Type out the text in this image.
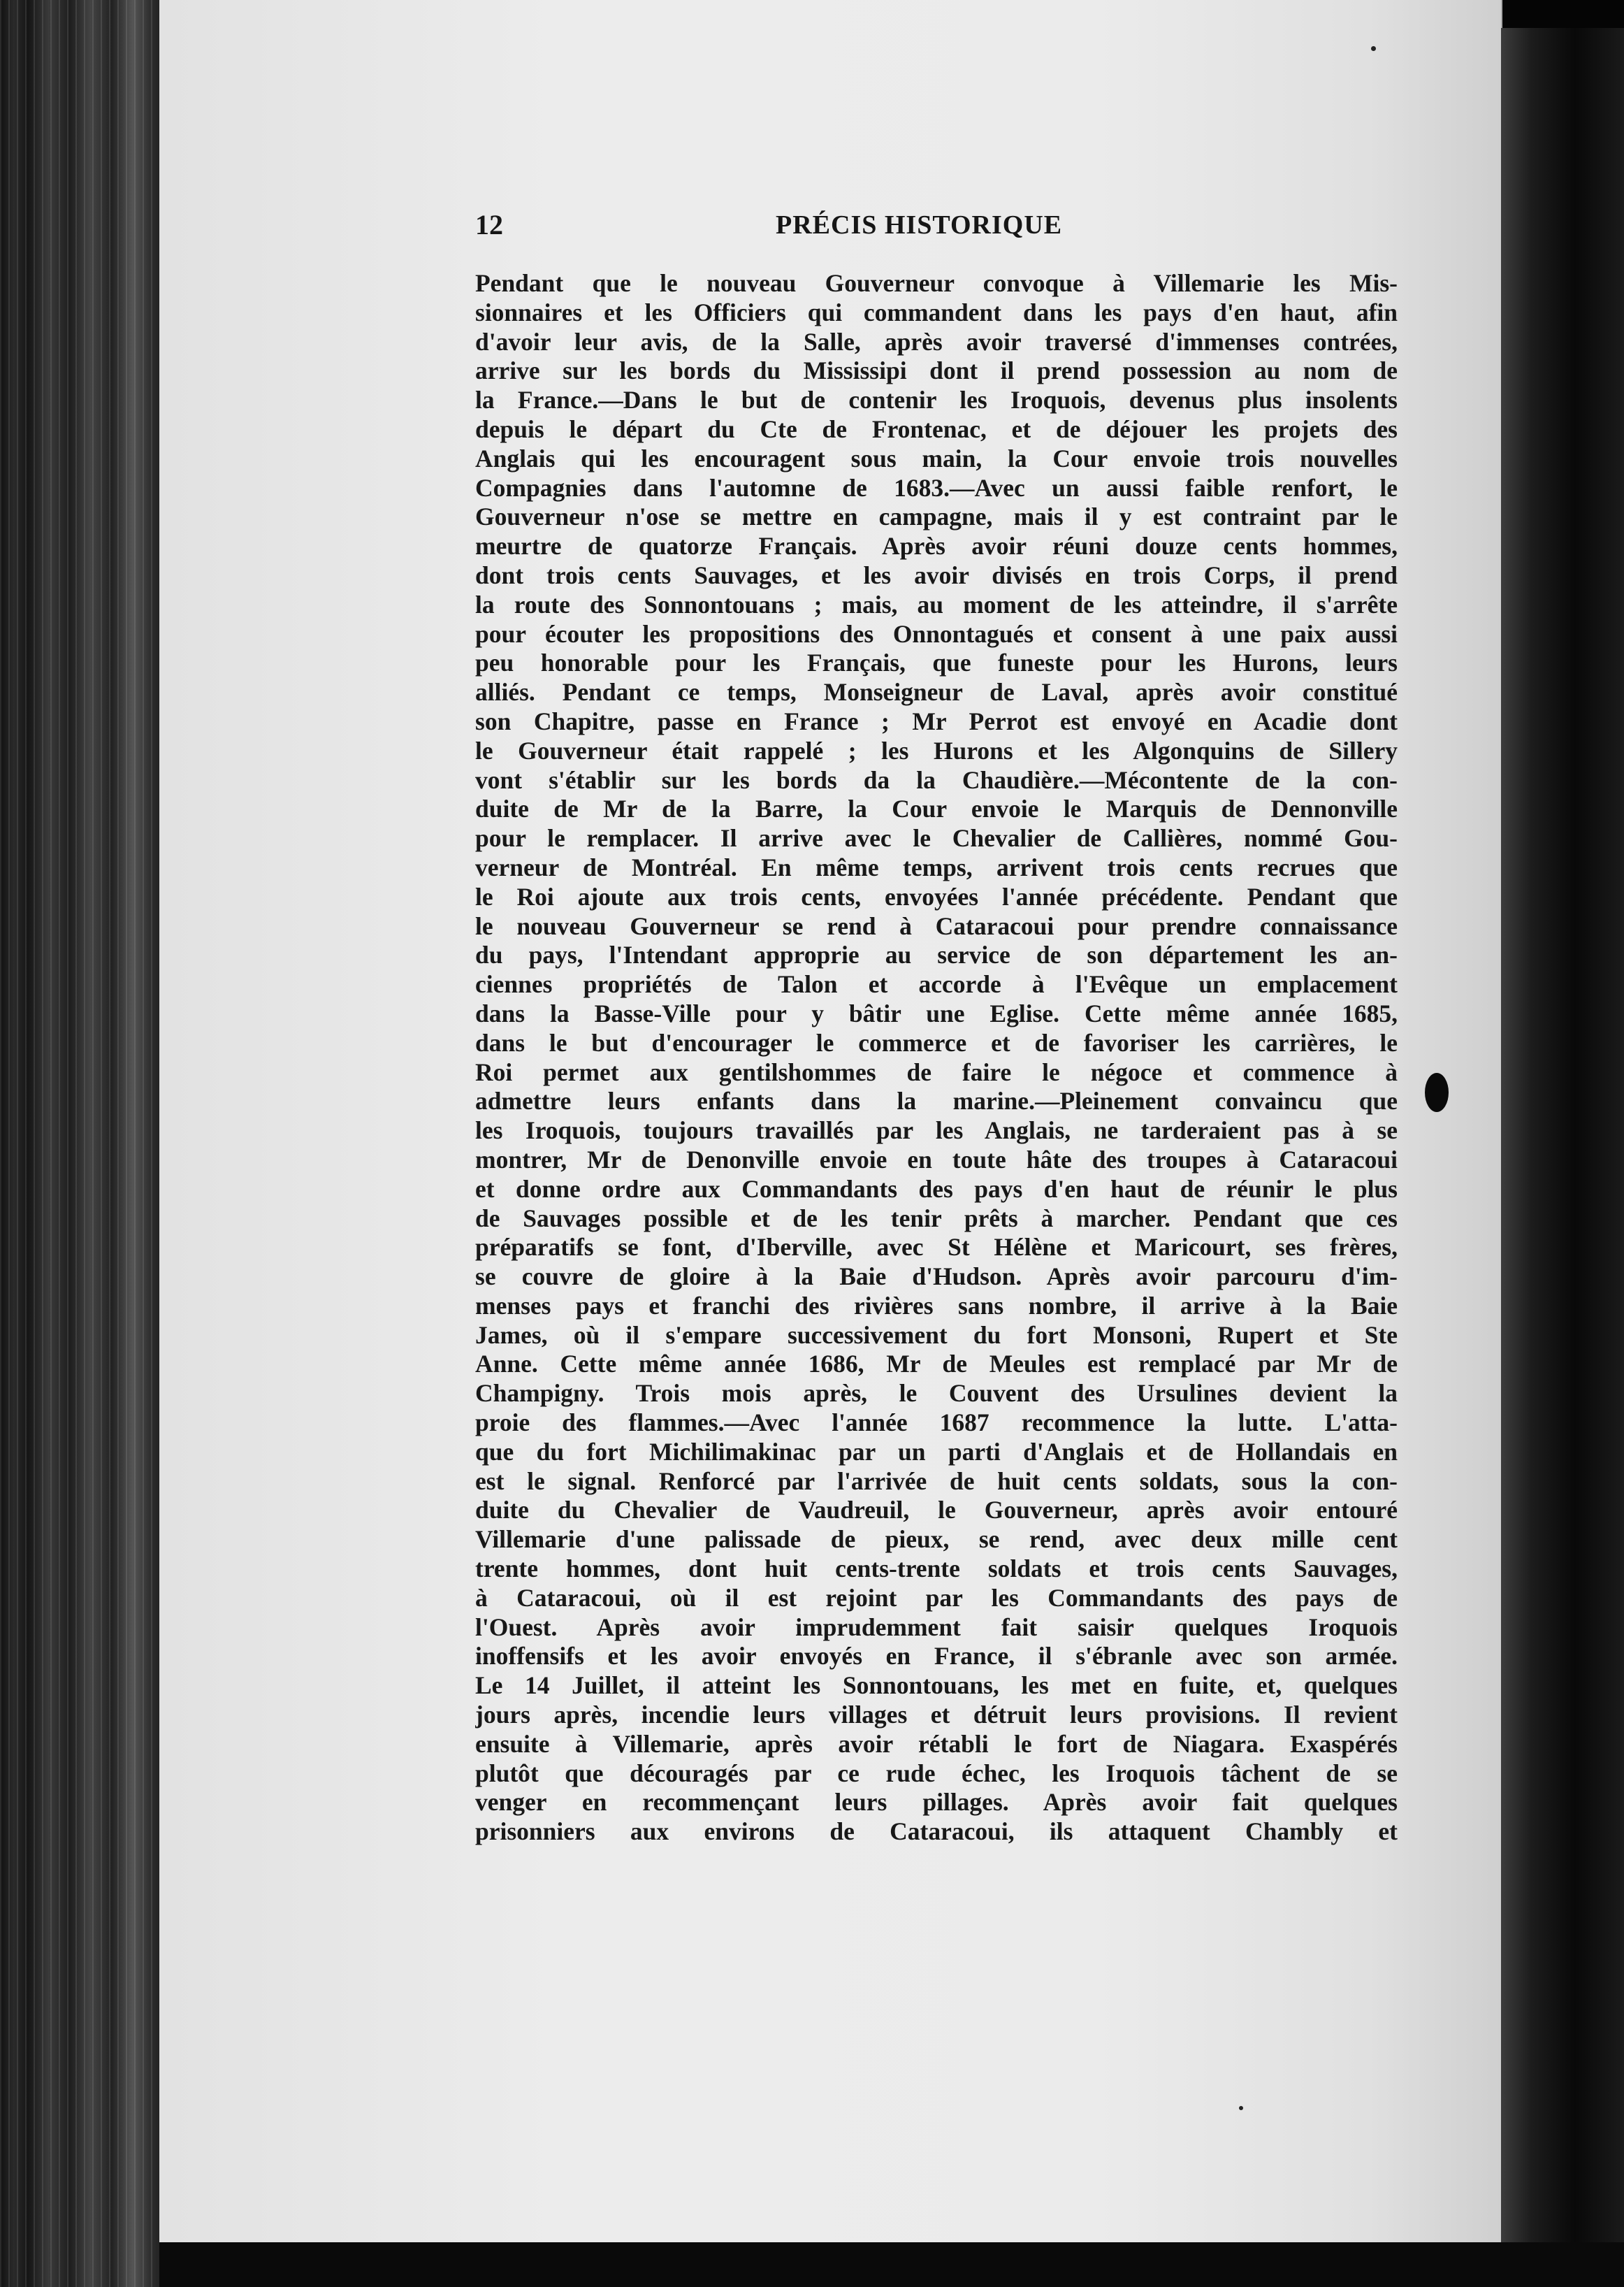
12	PRÉCIS HISTORIQUE
Pendant que le nouveau Gouverneur convoque à Villemarie les Mis-
sionnaires et les Officiers qui commandent dans les pays d'en haut, afin
d'avoir leur avis, de la Salle, après avoir traversé d'immenses contrées,
arrive sur les bords du Mississipi dont il prend possession au nom de
la France.—Dans le but de contenir les Iroquois, devenus plus insolents
depuis le départ du Cte de Frontenac, et de déjouer les projets des
Anglais qui les encouragent sous main, la Cour envoie trois nouvelles
Compagnies dans l'automne de 1683.—Avec un aussi faible renfort, le
Gouverneur n'ose se mettre en campagne, mais il y est contraint par le
meurtre de quatorze Français. Après avoir réuni douze cents hommes,
dont trois cents Sauvages, et les avoir divisés en trois Corps, il prend
la route des Sonnontouans ; mais, au moment de les atteindre, il s'arrête
pour écouter les propositions des Onnontagués et consent à une paix aussi
peu honorable pour les Français, que funeste pour les Hurons, leurs
alliés. Pendant ce temps, Monseigneur de Laval, après avoir constitué
son Chapitre, passe en France ; Mr Perrot est envoyé en Acadie dont
le Gouverneur était rappelé ; les Hurons et les Algonquins de Sillery
vont s'établir sur les bords da la Chaudière.—Mécontente de la con-
duite de Mr de la Barre, la Cour envoie le Marquis de Dennonville
pour le remplacer. Il arrive avec le Chevalier de Callières, nommé Gou-
verneur de Montréal. En même temps, arrivent trois cents recrues que
le Roi ajoute aux trois cents, envoyées l'année précédente. Pendant que
le nouveau Gouverneur se rend à Cataracoui pour prendre connaissance
du pays, l'Intendant approprie au service de son département les an-
ciennes propriétés de Talon et accorde à l'Evêque un emplacement
dans la Basse-Ville pour y bâtir une Eglise. Cette même année 1685,
dans le but d'encourager le commerce et de favoriser les carrières, le
Roi permet aux gentilshommes de faire le négoce et commence à
admettre leurs enfants dans la marine.—Pleinement convaincu que
les Iroquois, toujours travaillés par les Anglais, ne tarderaient pas à se
montrer, Mr de Denonville envoie en toute hâte des troupes à Cataracoui
et donne ordre aux Commandants des pays d'en haut de réunir le plus
de Sauvages possible et de les tenir prêts à marcher. Pendant que ces
préparatifs se font, d'Iberville, avec St Hélène et Maricourt, ses frères,
se couvre de gloire à la Baie d'Hudson. Après avoir parcouru d'im-
menses pays et franchi des rivières sans nombre, il arrive à la Baie
James, où il s'empare successivement du fort Monsoni, Rupert et Ste
Anne. Cette même année 1686, Mr de Meules est remplacé par Mr de
Champigny. Trois mois après, le Couvent des Ursulines devient la
proie des flammes.—Avec l'année 1687 recommence la lutte. L'atta-
que du fort Michilimakinac par un parti d'Anglais et de Hollandais en
est le signal. Renforcé par l'arrivée de huit cents soldats, sous la con-
duite du Chevalier de Vaudreuil, le Gouverneur, après avoir entouré
Villemarie d'une palissade de pieux, se rend, avec deux mille cent
trente hommes, dont huit cents-trente soldats et trois cents Sauvages,
à Cataracoui, où il est rejoint par les Commandants des pays de
l'Ouest. Après avoir imprudemment fait saisir quelques Iroquois
inoffensifs et les avoir envoyés en France, il s'ébranle avec son armée.
Le 14 Juillet, il atteint les Sonnontouans, les met en fuite, et, quelques
jours après, incendie leurs villages et détruit leurs provisions. Il revient
ensuite à Villemarie, après avoir rétabli le fort de Niagara. Exaspérés
plutôt que découragés par ce rude échec, les Iroquois tâchent de se
venger en recommençant leurs pillages. Après avoir fait quelques
prisonniers aux environs de Cataracoui, ils attaquent Chambly et
